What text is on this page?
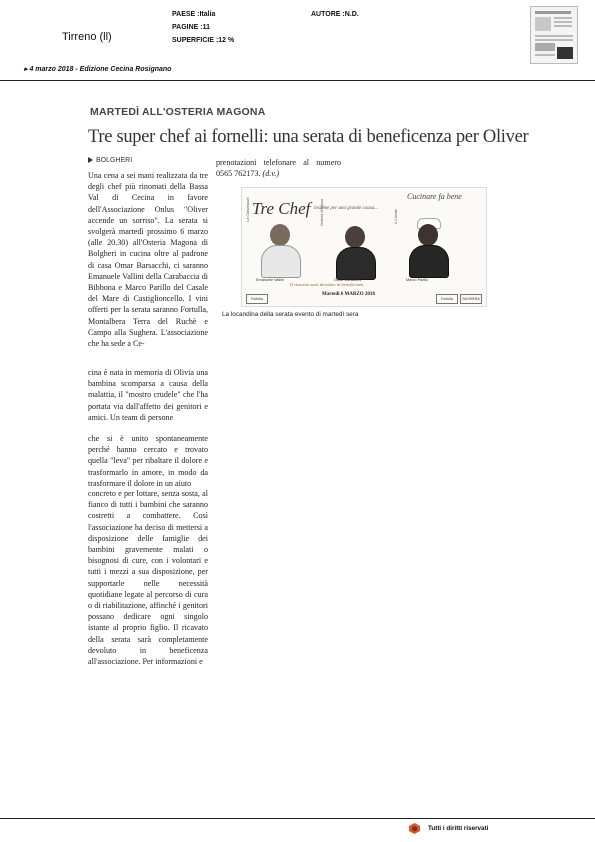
Tirreno (ll)
PAESE :Italia
PAGINE :11
SUPERFICIE :12 %
AUTORE :N.D.
▸ 4 marzo 2018 - Edizione Cecina Rosignano
MARTEDÌ ALL'OSTERIA MAGONA
Tre super chef ai fornelli: una serata di beneficenza per Oliver
BOLGHERI
Una cena a sei mani realizzata da tre degli chef più rinomati della Bassa Val di Cecina in favore dell'Associazione Onlus "Oliver accende un sorriso". La serata si svolgerà martedì prossimo 6 marzo (alle 20.30) all'Osteria Magona di Bolgheri in cucina oltre al padrone di casa Omar Barsacchi, ci saranno Emanuele Vallini della Carabaccia di Bibbona e Marco Parillo del Casale del Mare di Castiglioncello. I vini offerti per la serata saranno Fortulla, Montalbera Terra del Ruchè e Campo alla Sughera. L'associazione che ha sede a Ce-
cina è nata in memoria di Olivia una bambina scomparsa a causa della malattia, il "mostro crudele" che l'ha portata via dall'affetto dei genitori e amici. Un team di persone
che si è unito spontaneamente perché hanno cercato e trovato quella "leva" per ribaltare il dolore e trasformarlo in amore, in modo da trasformare il dolore in un aiuto
concreto e per lottare, senza sosta, al fianco di tutti i bambini che saranno costretti a combattere. Così l'associazione ha deciso di mettersi a disposizione delle famiglie dei bambini gravemente malati o bisognosi di cure, con i volontari e tutti i mezzi a sua disposizione, per supportarle nelle necessità quotidiane legate al percorso di cura o di riabilitazione, affinché i genitori possano dedicare ogni singolo istante al proprio figlio. Il ricavato della serata sarà completamente devoluto in beneficenza all'associazione. Per informazioni e
prenotazioni telefonare al numero 0565 762173. (d.v.)
Tre Chef
Cucinare fa bene
insieme per una grande causa...
La Carabaccia
Emanuele Vallini
Osteria Magona
Omar Barsacchi
Il Casale
Marco Parillo
Il ricavato sarà devoluto in beneficenza
Fortulla
Martedì 6 MARZO 2018
Fortulla	SUGHERA
La locandina della serata evento di martedì sera
Tutti i diritti riservati
